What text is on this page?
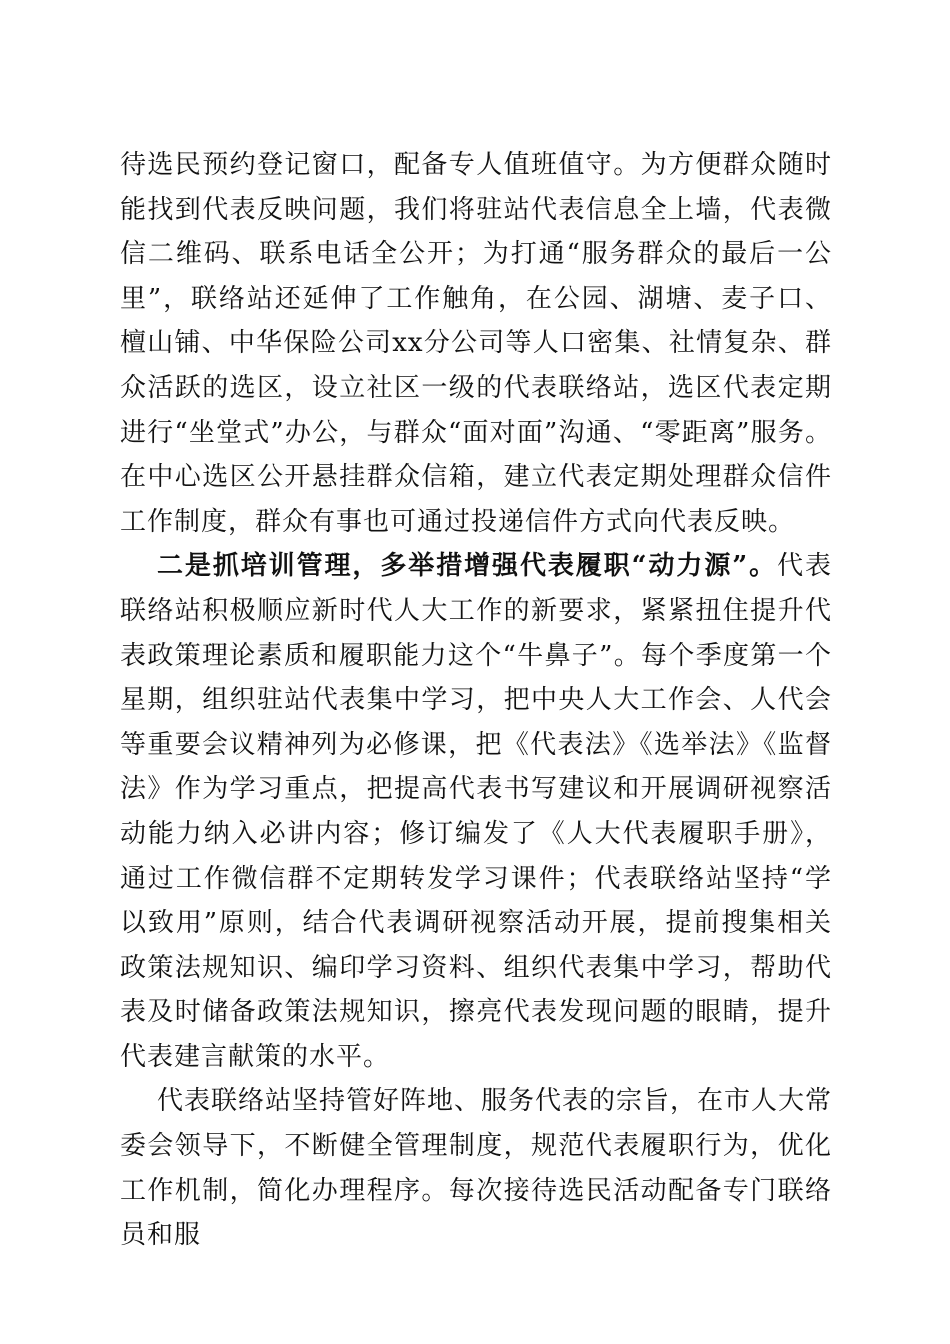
待选民预约登记窗口，配备专人值班值守。为方便群众随时能找到代表反映问题，我们将驻站代表信息全上墙，代表微信二维码、联系电话全公开；为打通“服务群众的最后一公里”，联络站还延伸了工作触角，在公园、湖塘、麦子口、檀山铺、中华保险公司xx分公司等人口密集、社情复杂、群众活跃的选区，设立社区一级的代表联络站，选区代表定期进行“坐堂式”办公，与群众“面对面”沟通、“零距离”服务。在中心选区公开悬挂群众信箱，建立代表定期处理群众信件工作制度，群众有事也可通过投递信件方式向代表反映。

二是抓培训管理，多举措增强代表履职“动力源”。代表联络站积极顺应新时代人大工作的新要求，紧紧扭住提升代表政策理论素质和履职能力这个“牛鼻子”。每个季度第一个星期，组织驻站代表集中学习，把中央人大工作会、人代会等重要会议精神列为必修课，把《代表法》《选举法》《监督法》作为学习重点，把提高代表书写建议和开展调研视察活动能力纳入必讲内容；修订编发了《人大代表履职手册》，通过工作微信群不定期转发学习课件；代表联络站坚持“学以致用”原则，结合代表调研视察活动开展，提前搜集相关政策法规知识、编印学习资料、组织代表集中学习，帮助代表及时储备政策法规知识，擦亮代表发现问题的眼睛，提升代表建言献策的水平。

代表联络站坚持管好阵地、服务代表的宗旨，在市人大常委会领导下，不断健全管理制度，规范代表履职行为，优化工作机制，简化办理程序。每次接待选民活动配备专门联络员和服
